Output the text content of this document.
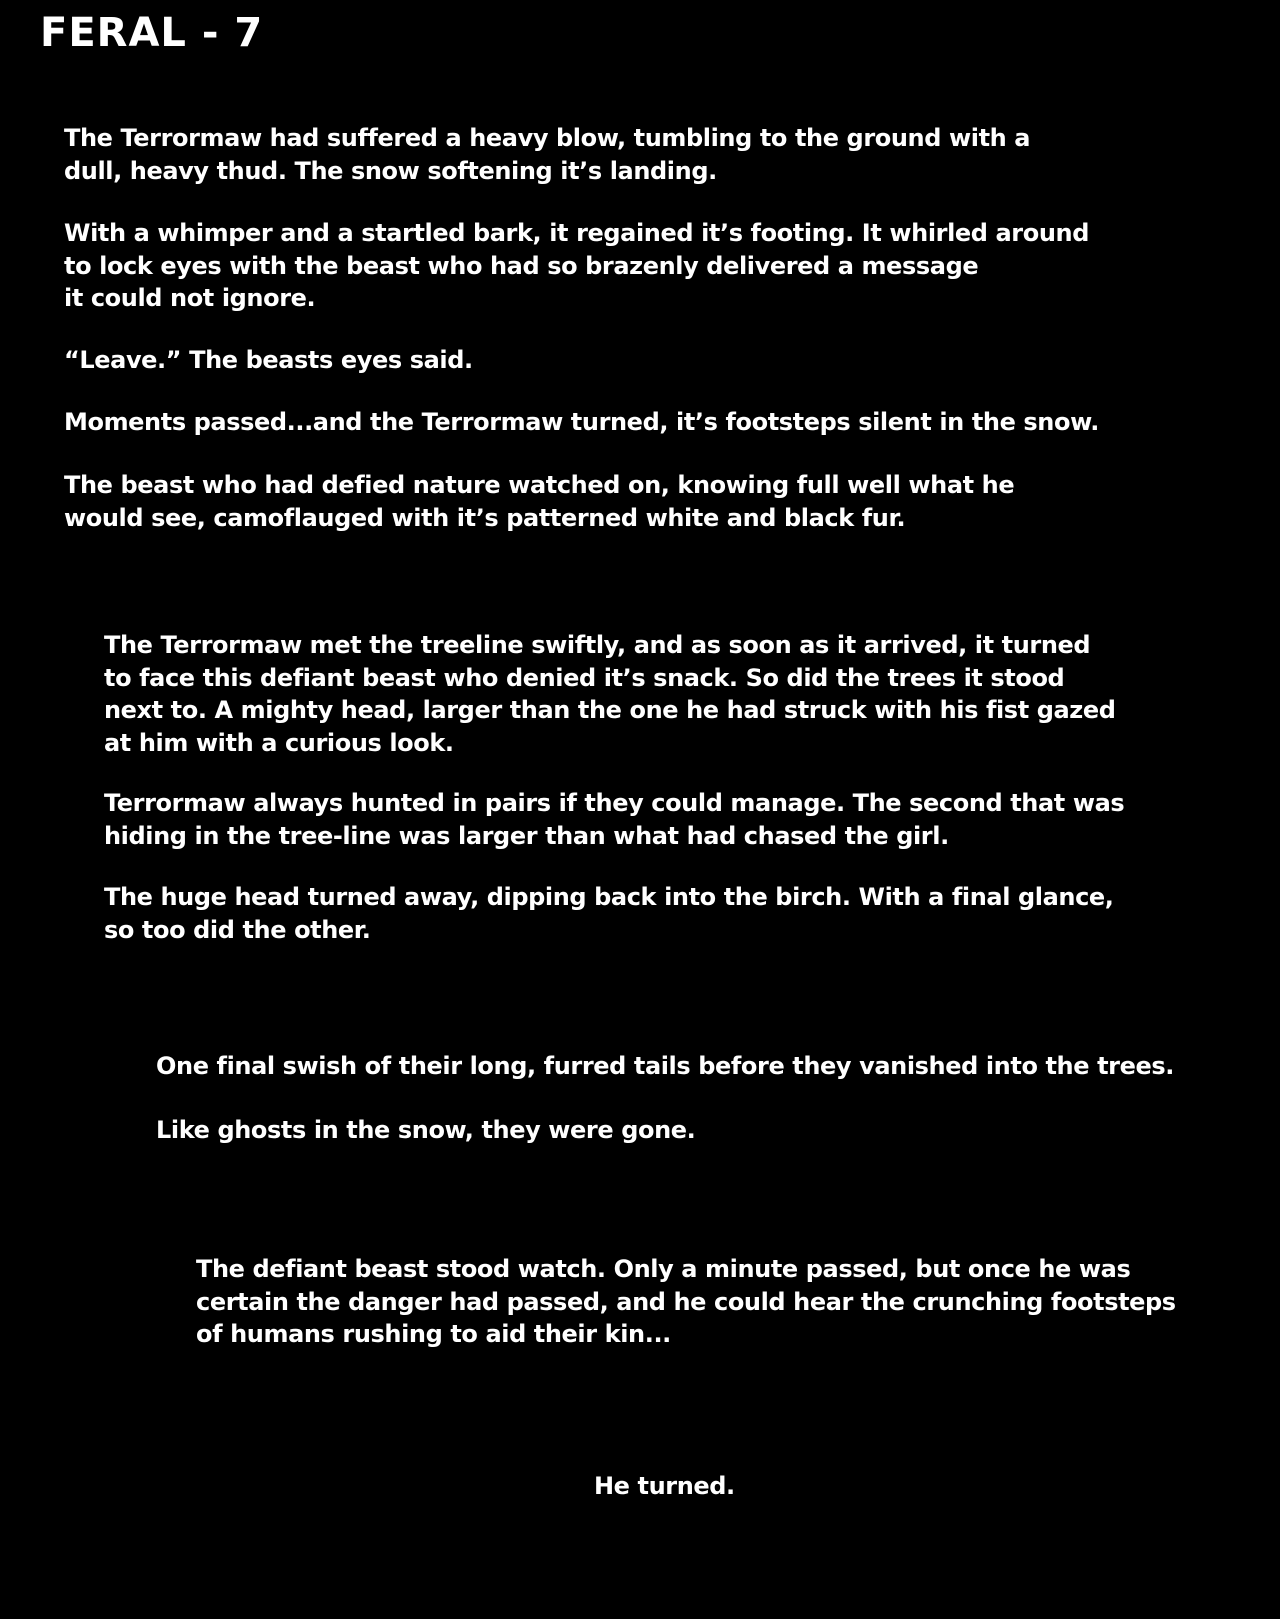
FERAL - 7

The Terrormaw had suffered a heavy blow, tumbling to the ground with a
dull, heavy thud. The snow softening it’s landing.

With a whimper and a startled bark, it regained it’s footing. It whirled around
to lock eyes with the beast who had so brazenly delivered a message
it could not ignore.

“Leave.” The beasts eyes said.

Moments passed...and the Terrormaw turned, it’s footsteps silent in the snow.

The beast who had defied nature watched on, knowing full well what he
would see, camoflauged with it’s patterned white and black fur.

The Terrormaw met the treeline swiftly, and as soon as it arrived, it turned
to face this defiant beast who denied it’s snack. So did the trees it stood
next to. A mighty head, larger than the one he had struck with his fist gazed
at him with a curious look.

Terrormaw always hunted in pairs if they could manage. The second that was
hiding in the tree-line was larger than what had chased the girl.

The huge head turned away, dipping back into the birch. With a final glance,
so too did the other.

One final swish of their long, furred tails before they vanished into the trees.

Like ghosts in the snow, they were gone.

The defiant beast stood watch. Only a minute passed, but once he was
certain the danger had passed, and he could hear the crunching footsteps
of humans rushing to aid their kin...

He turned.
